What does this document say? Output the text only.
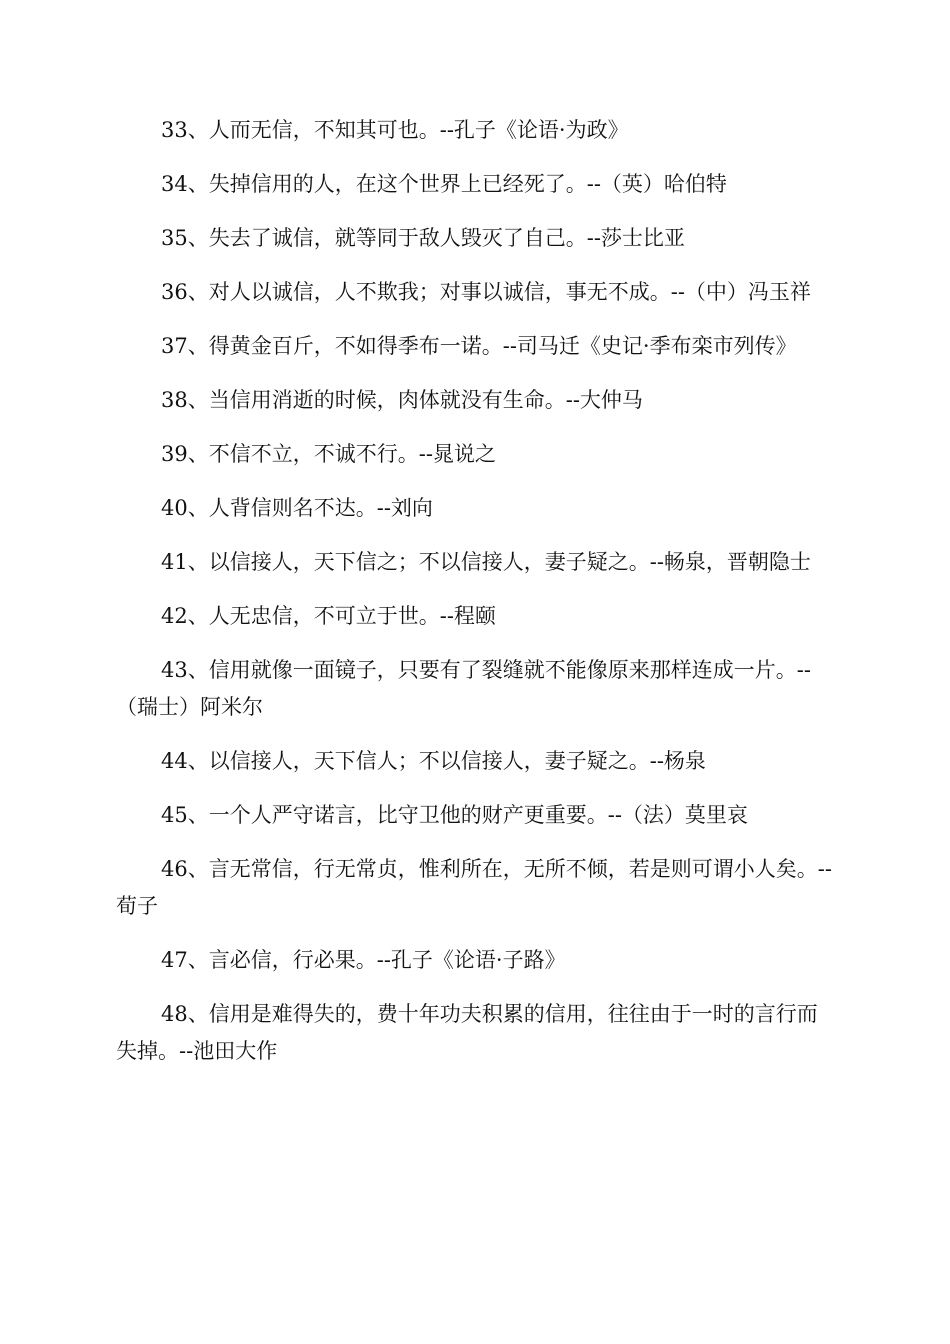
33、人而无信，不知其可也。--孔子《论语·为政》

34、失掉信用的人，在这个世界上已经死了。--（英）哈伯特

35、失去了诚信，就等同于敌人毁灭了自己。--莎士比亚

36、对人以诚信，人不欺我；对事以诚信，事无不成。--（中）冯玉祥

37、得黄金百斤，不如得季布一诺。--司马迁《史记·季布栾市列传》

38、当信用消逝的时候，肉体就没有生命。--大仲马

39、不信不立，不诚不行。--晁说之

40、人背信则名不达。--刘向

41、以信接人，天下信之；不以信接人，妻子疑之。--畅泉，晋朝隐士

42、人无忠信，不可立于世。--程颐

43、信用就像一面镜子，只要有了裂缝就不能像原来那样连成一片。--（瑞士）阿米尔

44、以信接人，天下信人；不以信接人，妻子疑之。--杨泉

45、一个人严守诺言，比守卫他的财产更重要。--（法）莫里哀

46、言无常信，行无常贞，惟利所在，无所不倾，若是则可谓小人矣。--荀子

47、言必信，行必果。--孔子《论语·子路》

48、信用是难得失的，费十年功夫积累的信用，往往由于一时的言行而失掉。--池田大作
